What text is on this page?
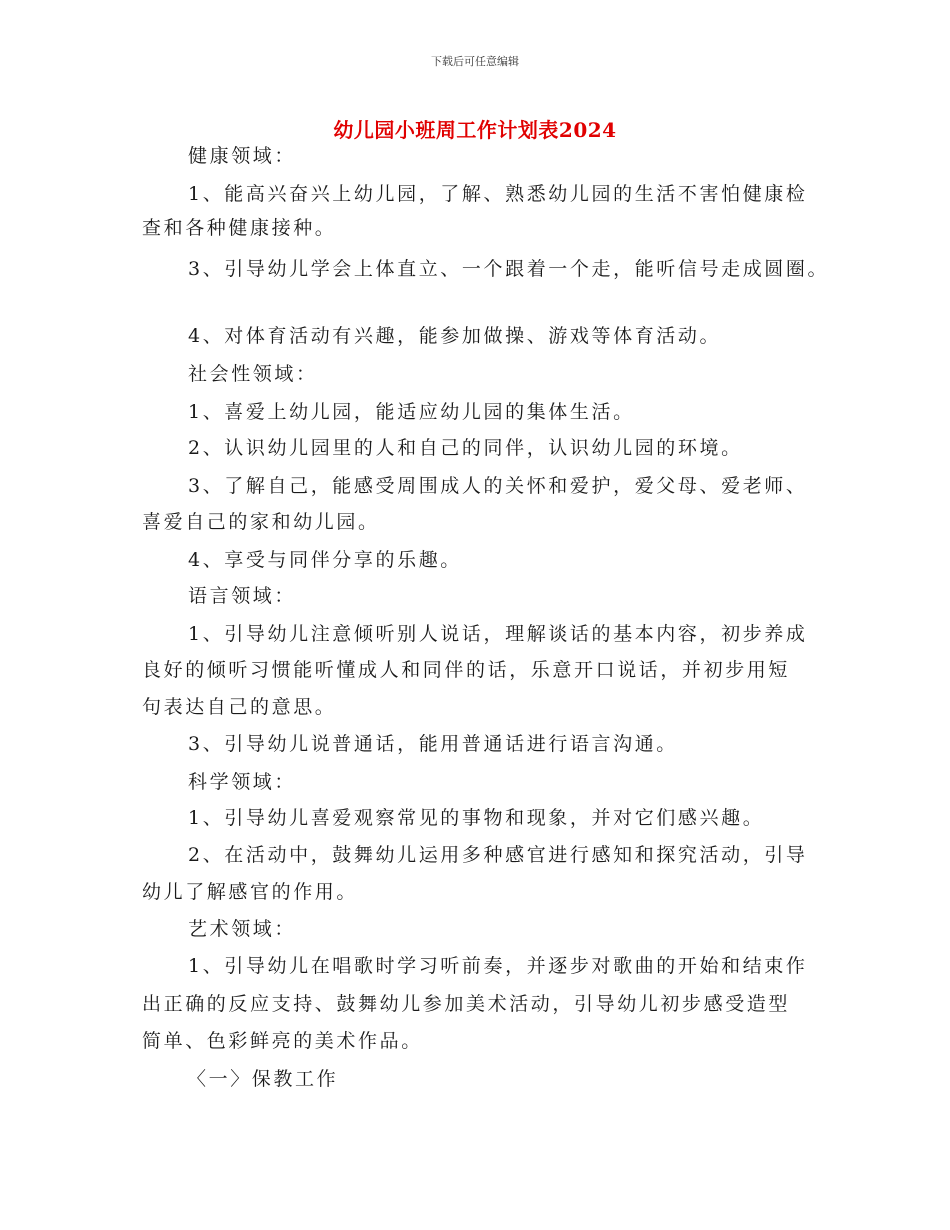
下载后可任意编辑
幼儿园小班周工作计划表2024
健康领域：
1、能高兴奋兴上幼儿园，了解、熟悉幼儿园的生活不害怕健康检
查和各种健康接种。
3、引导幼儿学会上体直立、一个跟着一个走，能听信号走成圆圈。
4、对体育活动有兴趣，能参加做操、游戏等体育活动。
社会性领域：
1、喜爱上幼儿园，能适应幼儿园的集体生活。
2、认识幼儿园里的人和自己的同伴，认识幼儿园的环境。
3、了解自己，能感受周围成人的关怀和爱护，爱父母、爱老师、
喜爱自己的家和幼儿园。
4、享受与同伴分享的乐趣。
语言领域：
1、引导幼儿注意倾听别人说话，理解谈话的基本内容，初步养成
良好的倾听习惯能听懂成人和同伴的话，乐意开口说话，并初步用短
句表达自己的意思。
3、引导幼儿说普通话，能用普通话进行语言沟通。
科学领域：
1、引导幼儿喜爱观察常见的事物和现象，并对它们感兴趣。
2、在活动中，鼓舞幼儿运用多种感官进行感知和探究活动，引导
幼儿了解感官的作用。
艺术领域：
1、引导幼儿在唱歌时学习听前奏，并逐步对歌曲的开始和结束作
出正确的反应支持、鼓舞幼儿参加美术活动，引导幼儿初步感受造型
简单、色彩鲜亮的美术作品。
〈一〉保教工作
